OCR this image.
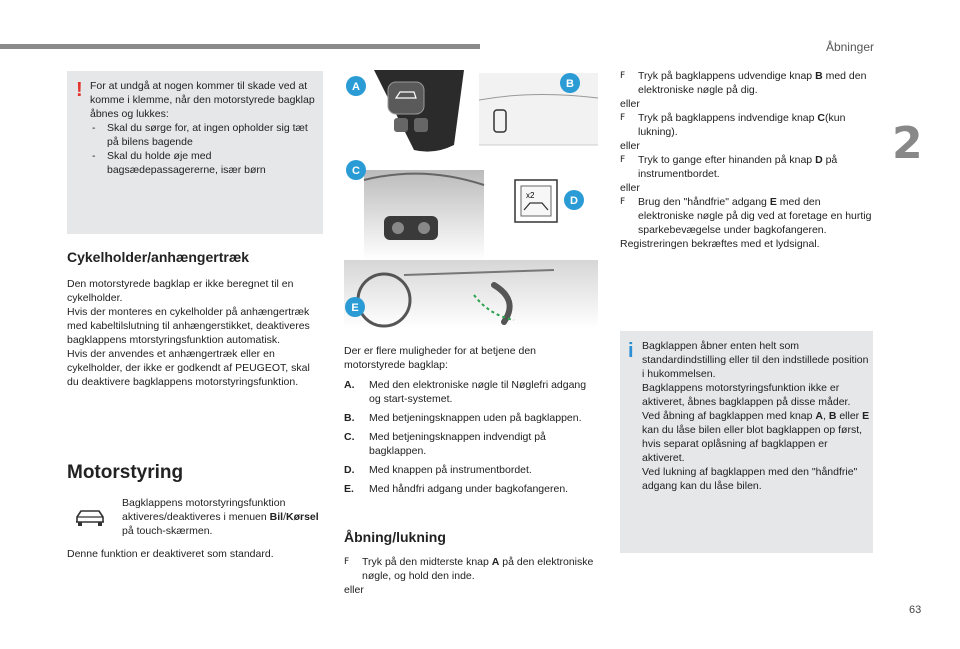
Åbninger
2
63
! For at undgå at nogen kommer til skade ved at komme i klemme, når den motorstyrede bagklap åbnes og lukkes:
- Skal du sørge for, at ingen opholder sig tæt på bilens bagende
- Skal du holde øje med bagsædepassagererne, især børn
Cykelholder/anhængertræk
Den motorstyrede bagklap er ikke beregnet til en cykelholder.
Hvis der monteres en cykelholder på anhængertræk med kabeltilslutning til anhængerstikket, deaktiveres bagklappens mtorstyringsfunktion automatisk.
Hvis der anvendes et anhængertræk eller en cykelholder, der ikke er godkendt af PEUGEOT, skal du deaktivere bagklappens motorstyringsfunktion.
Motorstyring
Bagklappens motorstyringsfunktion aktiveres/deaktiveres i menuen Bil/Kørsel på touch-skærmen.
Denne funktion er deaktiveret som standard.
x2
A	B
C
D
E
Der er flere muligheder for at betjene den motorstyrede bagklap:
A. Med den elektroniske nøgle til Nøglefri adgang og start-systemet.
B. Med betjeningsknappen uden på bagklappen.
C. Med betjeningsknappen indvendigt på bagklappen.
D. Med knappen på instrumentbordet.
E. Med håndfri adgang under bagkofangeren.
Åbning/lukning
F Tryk på den midterste knap A på den elektroniske nøgle, og hold den inde.
eller
F Tryk på bagklappens udvendige knap B med den elektroniske nøgle på dig.
eller
F Tryk på bagklappens indvendige knap C(kun lukning).
eller
F Tryk to gange efter hinanden på knap D på instrumentbordet.
eller
F Brug den "håndfrie" adgang E med den elektroniske nøgle på dig ved at foretage en hurtig sparkebevægelse under bagkofangeren.
Registreringen bekræftes med et lydsignal.
i Bagklappen åbner enten helt som standardindstilling eller til den indstillede position i hukommelsen.

Bagklappens motorstyringsfunktion ikke er aktiveret, åbnes bagklappen på disse måder.

Ved åbning af bagklappen med knap A, B eller E kan du låse bilen eller blot bagklappen op først, hvis separat oplåsning af bagklappen er aktiveret.

Ved lukning af bagklappen med den "håndfrie" adgang kan du låse bilen.
